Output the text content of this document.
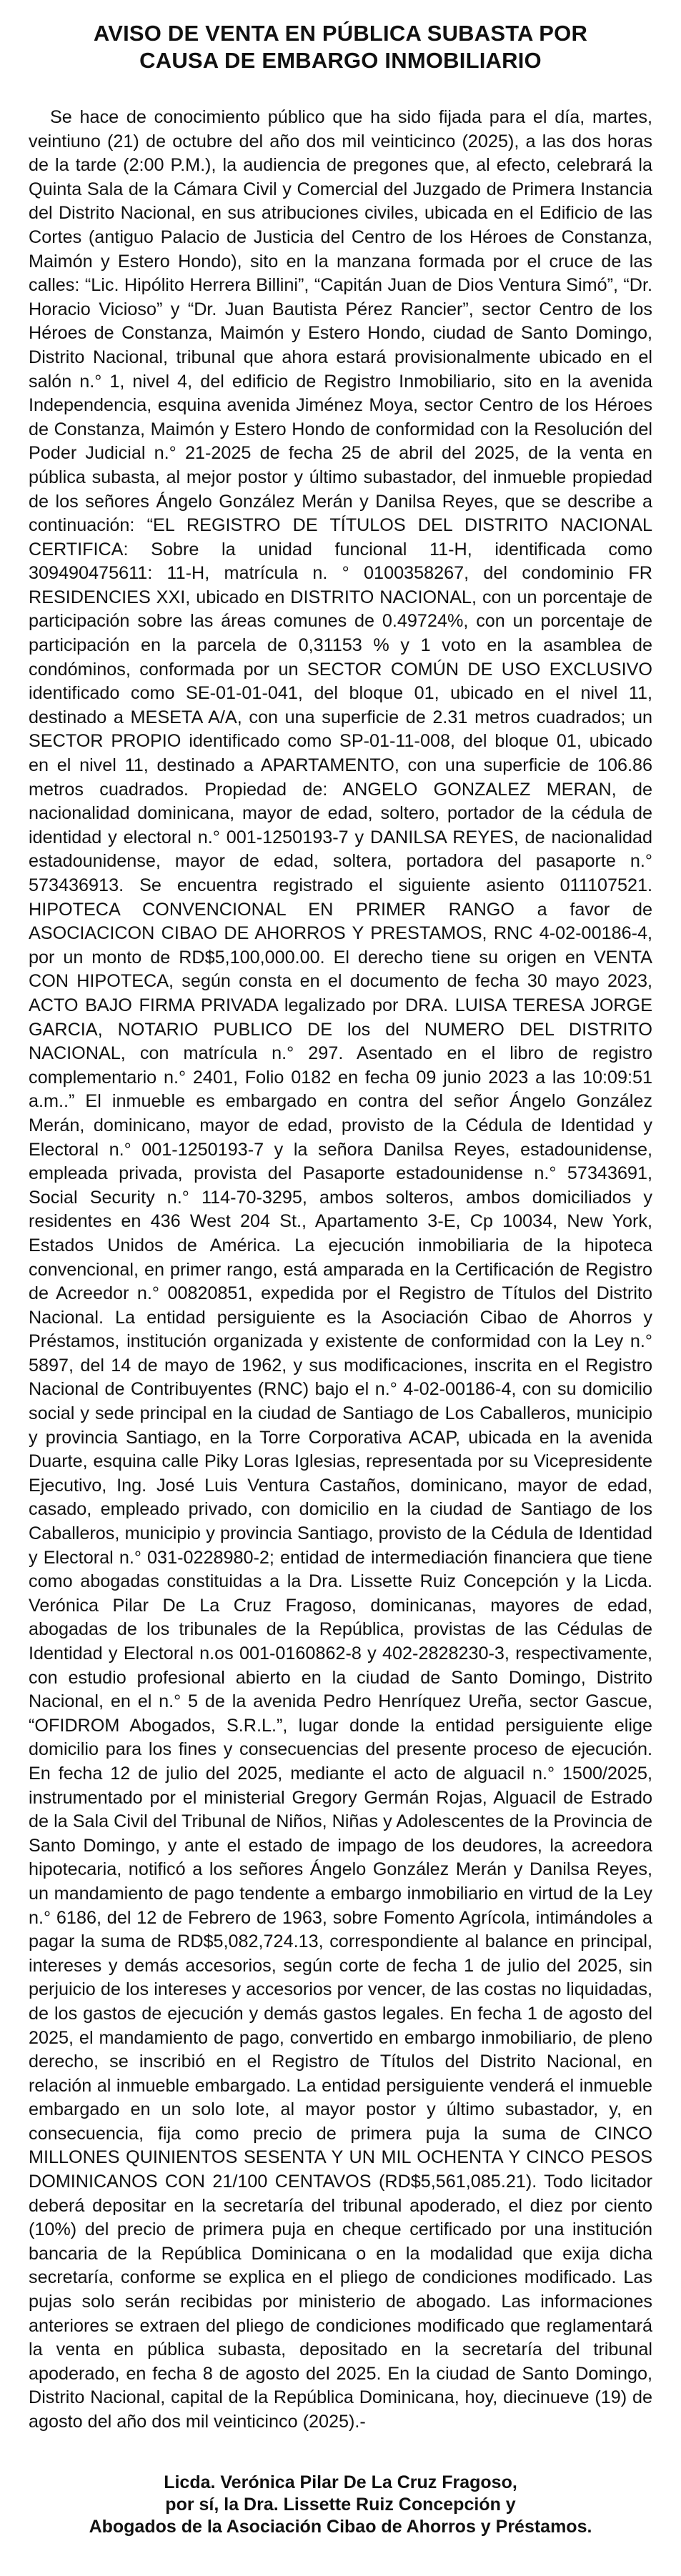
AVISO DE VENTA EN PÚBLICA SUBASTA POR
CAUSA DE EMBARGO INMOBILIARIO

Se hace de conocimiento público que ha sido fijada para el día, martes, veintiuno (21) de octubre del año dos mil veinticinco (2025), a las dos horas de la tarde (2:00 P.M.), la audiencia de pregones que, al efecto, celebrará la Quinta Sala de la Cámara Civil y Comercial del Juzgado de Primera Instancia del Distrito Nacional, en sus atribuciones civiles, ubicada en el Edificio de las Cortes (antiguo Palacio de Justicia del Centro de los Héroes de Constanza, Maimón y Estero Hondo), sito en la manzana formada por el cruce de las calles: “Lic. Hipólito Herrera Billini”, “Capitán Juan de Dios Ventura Simó”, “Dr. Horacio Vicioso” y “Dr. Juan Bautista Pérez Rancier”, sector Centro de los Héroes de Constanza, Maimón y Estero Hondo, ciudad de Santo Domingo, Distrito Nacional, tribunal que ahora estará provisionalmente ubicado en el salón n.° 1, nivel 4, del edificio de Registro Inmobiliario, sito en la avenida Independencia, esquina avenida Jiménez Moya, sector Centro de los Héroes de Constanza, Maimón y Estero Hondo de conformidad con la Resolución del Poder Judicial n.° 21-2025 de fecha 25 de abril del 2025, de la venta en pública subasta, al mejor postor y último subastador, del inmueble propiedad de los señores Ángelo González Merán y Danilsa Reyes, que se describe a continuación: “EL REGISTRO DE TÍTULOS DEL DISTRITO NACIONAL CERTIFICA: Sobre la unidad funcional 11-H, identificada como 309490475611: 11-H, matrícula n. ° 0100358267, del condominio FR RESIDENCIES XXI, ubicado en DISTRITO NACIONAL, con un porcentaje de participación sobre las áreas comunes de 0.49724%, con un porcentaje de participación en la parcela de 0,31153 % y 1 voto en la asamblea de condóminos, conformada por un SECTOR COMÚN DE USO EXCLUSIVO identificado como SE-01-01-041, del bloque 01, ubicado en el nivel 11, destinado a MESETA A/A, con una superficie de 2.31 metros cuadrados; un SECTOR PROPIO identificado como SP-01-11-008, del bloque 01, ubicado en el nivel 11, destinado a APARTAMENTO, con una superficie de 106.86 metros cuadrados. Propiedad de: ANGELO GONZALEZ MERAN, de nacionalidad dominicana, mayor de edad, soltero, portador de la cédula de identidad y electoral n.° 001-1250193-7 y DANILSA REYES, de nacionalidad estadounidense, mayor de edad, soltera, portadora del pasaporte n.° 573436913. Se encuentra registrado el siguiente asiento 011107521. HIPOTECA CONVENCIONAL EN PRIMER RANGO a favor de ASOCIACICON CIBAO DE AHORROS Y PRESTAMOS, RNC 4-02-00186-4, por un monto de RD$5,100,000.00. El derecho tiene su origen en VENTA CON HIPOTECA, según consta en el documento de fecha 30 mayo 2023, ACTO BAJO FIRMA PRIVADA legalizado por DRA. LUISA TERESA JORGE GARCIA, NOTARIO PUBLICO DE los del NUMERO DEL DISTRITO NACIONAL, con matrícula n.° 297. Asentado en el libro de registro complementario n.° 2401, Folio 0182 en fecha 09 junio 2023 a las 10:09:51 a.m..” El inmueble es embargado en contra del señor Ángelo González Merán, dominicano, mayor de edad, provisto de la Cédula de Identidad y Electoral n.° 001-1250193-7 y la señora Danilsa Reyes, estadounidense, empleada privada, provista del Pasaporte estadounidense n.° 57343691, Social Security n.° 114-70-3295, ambos solteros, ambos domiciliados y residentes en 436 West 204 St., Apartamento 3-E, Cp 10034, New York, Estados Unidos de América. La ejecución inmobiliaria de la hipoteca convencional, en primer rango, está amparada en la Certificación de Registro de Acreedor n.° 00820851, expedida por el Registro de Títulos del Distrito Nacional. La entidad persiguiente es la Asociación Cibao de Ahorros y Préstamos, institución organizada y existente de conformidad con la Ley n.° 5897, del 14 de mayo de 1962, y sus modificaciones, inscrita en el Registro Nacional de Contribuyentes (RNC) bajo el n.° 4-02-00186-4, con su domicilio social y sede principal en la ciudad de Santiago de Los Caballeros, municipio y provincia Santiago, en la Torre Corporativa ACAP, ubicada en la avenida Duarte, esquina calle Piky Loras Iglesias, representada por su Vicepresidente Ejecutivo, Ing. José Luis Ventura Castaños, dominicano, mayor de edad, casado, empleado privado, con domicilio en la ciudad de Santiago de los Caballeros, municipio y provincia Santiago, provisto de la Cédula de Identidad y Electoral n.° 031-0228980-2; entidad de intermediación financiera que tiene como abogadas constituidas a la Dra. Lissette Ruiz Concepción y la Licda. Verónica Pilar De La Cruz Fragoso, dominicanas, mayores de edad, abogadas de los tribunales de la República, provistas de las Cédulas de Identidad y Electoral n.os 001-0160862-8 y 402-2828230-3, respectivamente, con estudio profesional abierto en la ciudad de Santo Domingo, Distrito Nacional, en el n.° 5 de la avenida Pedro Henríquez Ureña, sector Gascue, “OFIDROM Abogados, S.R.L.”, lugar donde la entidad persiguiente elige domicilio para los fines y consecuencias del presente proceso de ejecución. En fecha 12 de julio del 2025, mediante el acto de alguacil n.° 1500/2025, instrumentado por el ministerial Gregory Germán Rojas, Alguacil de Estrado de la Sala Civil del Tribunal de Niños, Niñas y Adolescentes de la Provincia de Santo Domingo, y ante el estado de impago de los deudores, la acreedora hipotecaria, notificó a los señores Ángelo González Merán y Danilsa Reyes, un mandamiento de pago tendente a embargo inmobiliario en virtud de la Ley n.° 6186, del 12 de Febrero de 1963, sobre Fomento Agrícola, intimándoles a pagar la suma de RD$5,082,724.13, correspondiente al balance en principal, intereses y demás accesorios, según corte de fecha 1 de julio del 2025, sin perjuicio de los intereses y accesorios por vencer, de las costas no liquidadas, de los gastos de ejecución y demás gastos legales. En fecha 1 de agosto del 2025, el mandamiento de pago, convertido en embargo inmobiliario, de pleno derecho, se inscribió en el Registro de Títulos del Distrito Nacional, en relación al inmueble embargado. La entidad persiguiente venderá el inmueble embargado en un solo lote, al mayor postor y último subastador, y, en consecuencia, fija como precio de primera puja la suma de CINCO MILLONES QUINIENTOS SESENTA Y UN MIL OCHENTA Y CINCO PESOS DOMINICANOS CON 21/100 CENTAVOS (RD$5,561,085.21). Todo licitador deberá depositar en la secretaría del tribunal apoderado, el diez por ciento (10%) del precio de primera puja en cheque certificado por una institución bancaria de la República Dominicana o en la modalidad que exija dicha secretaría, conforme se explica en el pliego de condiciones modificado. Las pujas solo serán recibidas por ministerio de abogado. Las informaciones anteriores se extraen del pliego de condiciones modificado que reglamentará la venta en pública subasta, depositado en la secretaría del tribunal apoderado, en fecha 8 de agosto del 2025. En la ciudad de Santo Domingo, Distrito Nacional, capital de la República Dominicana, hoy, diecinueve (19) de agosto del año dos mil veinticinco (2025).-

Licda. Verónica Pilar De La Cruz Fragoso,
por sí, la Dra. Lissette Ruiz Concepción y
Abogados de la Asociación Cibao de Ahorros y Préstamos.
